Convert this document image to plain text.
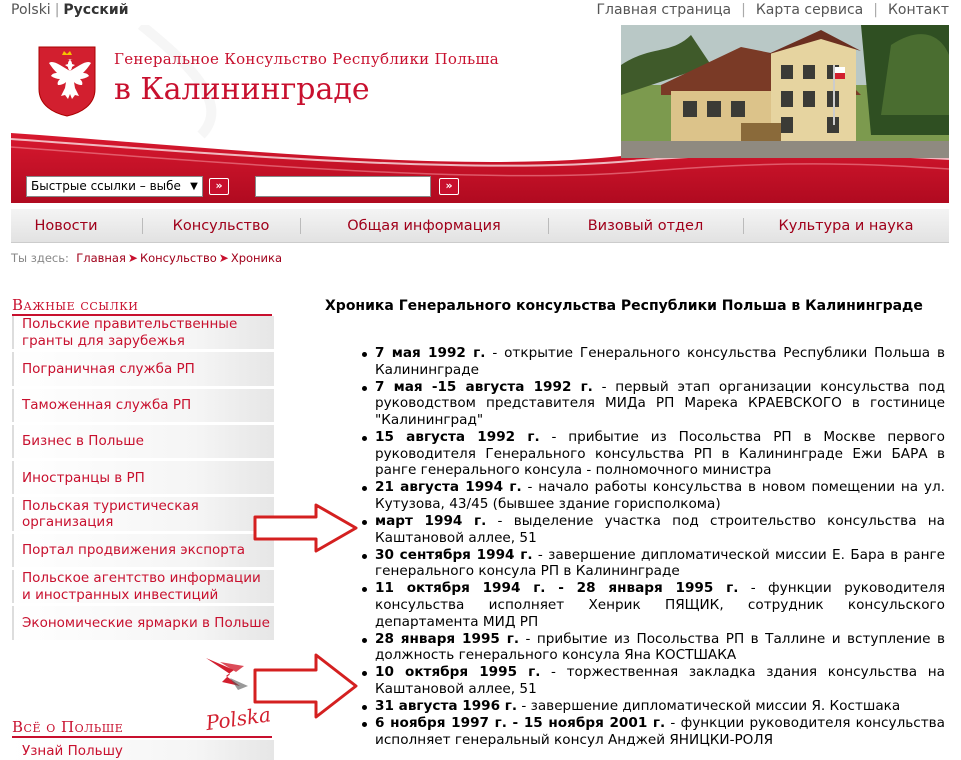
Polski | Русский	Главная страница | Карта сервиса | Контакт
Генеральное Консульство Республики Польша
в Калининграде
Быстрые ссылки – выбе ▼	»	»
Новости	Консульство	Общая информация	Визовый отдел	Культура и наука
Ты здесь: Главная ➤ Консульство ➤ Хроника
Важные ссылки
Польские правительственные гранты для зарубежья
Пограничная служба РП
Таможенная служба РП
Бизнес в Польше
Иностранцы в РП
Польская туристическая организация
Портал продвижения экспорта
Польское агентство информации и иностранных инвестиций
Экономические ярмарки в Польше
Polska
Всё о Польше
Узнай Польшу
Хроника Генерального консульства Республики Польша в Калининграде
7 мая 1992 г. - открытие Генерального консульства Республики Польша в Калининграде
7 мая -15 августа 1992 г. - первый этап организации консульства под руководством представителя МИДа РП Марека КРАЕВСКОГО в гостинице "Калининград"
15 августа 1992 г. - прибытие из Посольства РП в Москве первого руководителя Генерального консульства РП в Калининграде Ежи БАРА в ранге генерального консула - полномочного министра
21 августа 1994 г. - начало работы консульства в новом помещении на ул. Кутузова, 43/45 (бывшее здание горисполкома)
март 1994 г. - выделение участка под строительство консульства на Каштановой аллее, 51
30 сентября 1994 г. - завершение дипломатической миссии Е. Бара в ранге генерального консула РП в Калининграде
11 октября 1994 г. - 28 января 1995 г. - функции руководителя консульства исполняет Хенрик ПЯЩИК, сотрудник консульского департамента МИД РП
28 января 1995 г. - прибытие из Посольства РП в Таллине и вступление в должность генерального консула Яна КОСТШАКА
10 октября 1995 г. - торжественная закладка здания консульства на Каштановой аллее, 51
31 августа 1996 г. - завершение дипломатической миссии Я. Костшака
6 ноября 1997 г. - 15 ноября 2001 г. - функции руководителя консульства исполняет генеральный консул Анджей ЯНИЦКИ-РОЛЯ
